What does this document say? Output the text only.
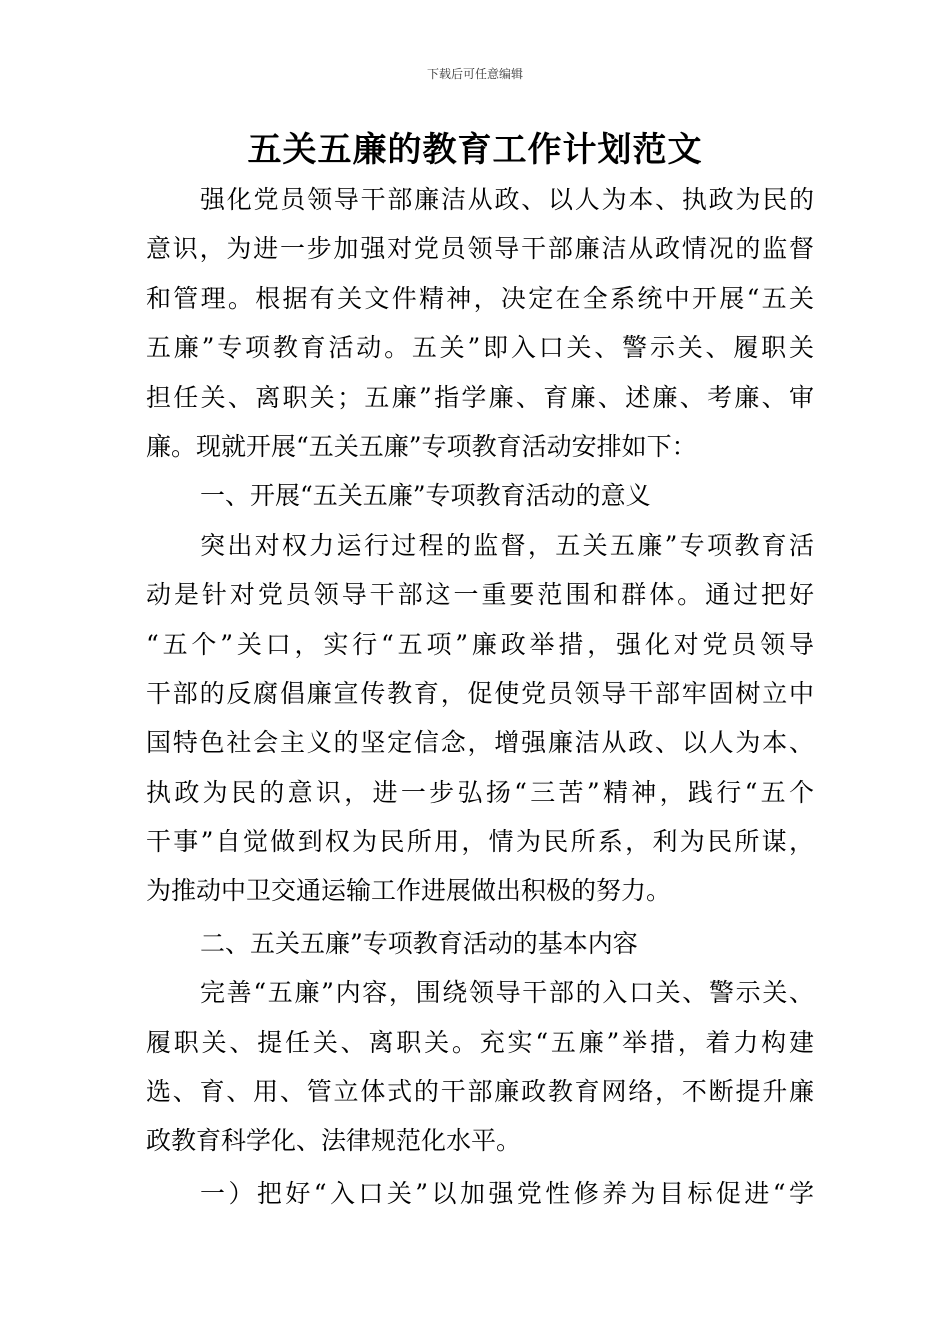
下载后可任意编辑
五关五廉的教育工作计划范文
强化党员领导干部廉洁从政、以人为本、执政为民的
意识，为进一步加强对党员领导干部廉洁从政情况的监督
和管理。根据有关文件精神，决定在全系统中开展“五关
五廉”专项教育活动。五关”即入口关、警示关、履职关
担任关、离职关；五廉”指学廉、育廉、述廉、考廉、审
廉。现就开展“五关五廉”专项教育活动安排如下：
一、开展“五关五廉”专项教育活动的意义
突出对权力运行过程的监督，五关五廉”专项教育活
动是针对党员领导干部这一重要范围和群体。通过把好
“五个”关口，实行“五项”廉政举措，强化对党员领导
干部的反腐倡廉宣传教育，促使党员领导干部牢固树立中
国特色社会主义的坚定信念，增强廉洁从政、以人为本、
执政为民的意识，进一步弘扬“三苦”精神，践行“五个
干事”自觉做到权为民所用，情为民所系，利为民所谋，
为推动中卫交通运输工作进展做出积极的努力。
二、五关五廉”专项教育活动的基本内容
完善“五廉”内容，围绕领导干部的入口关、警示关、
履职关、提任关、离职关。充实“五廉”举措，着力构建
选、育、用、管立体式的干部廉政教育网络，不断提升廉
政教育科学化、法律规范化水平。
一）把好“入口关”以加强党性修养为目标促进“学
